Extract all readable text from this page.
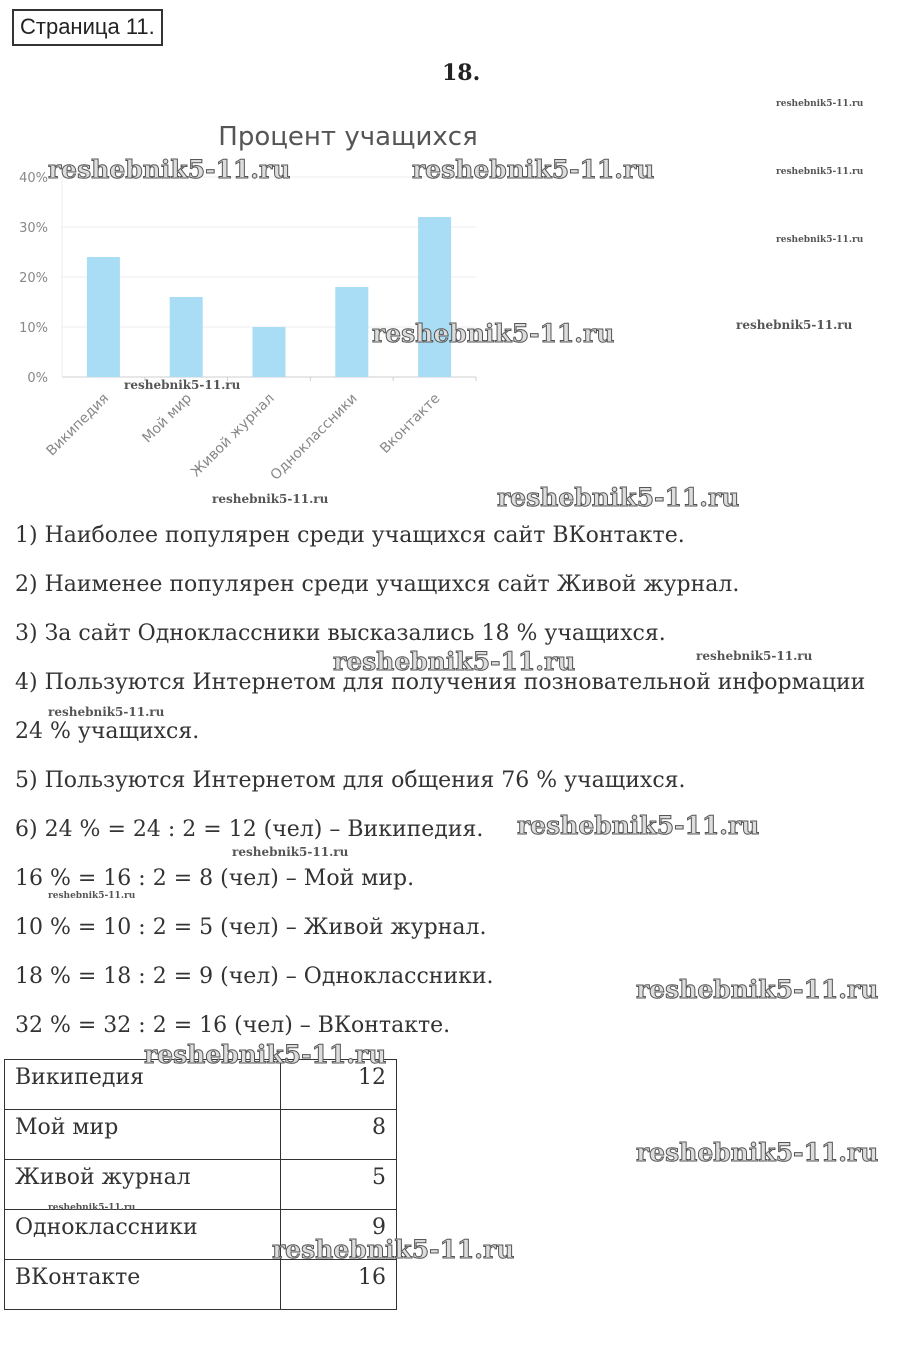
Страница 11.
18.
Процент учащихся
0%
10%
20%
30%
40%
Википедия Мой мир
Живой журнал
Одноклассники Вконтакте
1) Наиболее популярен среди учащихся сайт ВКонтакте.
2) Наименее популярен среди учащихся сайт Живой журнал.
3) За сайт Одноклассники высказались 18 % учащихся.
4) Пользуются Интернетом для получения позновательной информации
24 % учащихся.
5) Пользуются Интернетом для общения 76 % учащихся.
6) 24 % = 24 : 2 = 12 (чел) – Википедия.
16 % = 16 : 2 = 8 (чел) – Мой мир.
10 % = 10 : 2 = 5 (чел) – Живой журнал.
18 % = 18 : 2 = 9 (чел) – Одноклассники.
32 % = 32 : 2 = 16 (чел) – ВКонтакте.
Википедия	12
Мой мир	8
Живой журнал	5
Одноклассники	9
ВКонтакте	16
reshebnik5-11.ru	reshebnik5-11.ru
reshebnik5-11.ru
reshebnik5-11.ru
reshebnik5-11.ru
reshebnik5-11.ru
reshebnik5-11.ru
reshebnik5-11.ru
reshebnik5-11.ru
reshebnik5-11.ru
reshebnik5-11.ru
reshebnik5-11.ru
reshebnik5-11.ru
reshebnik5-11.ru
reshebnik5-11.ru
reshebnik5-11.ru
reshebnik5-11.ru
reshebnik5-11.ru
reshebnik5-11.ru
reshebnik5-11.ru
reshebnik5-11.ru
